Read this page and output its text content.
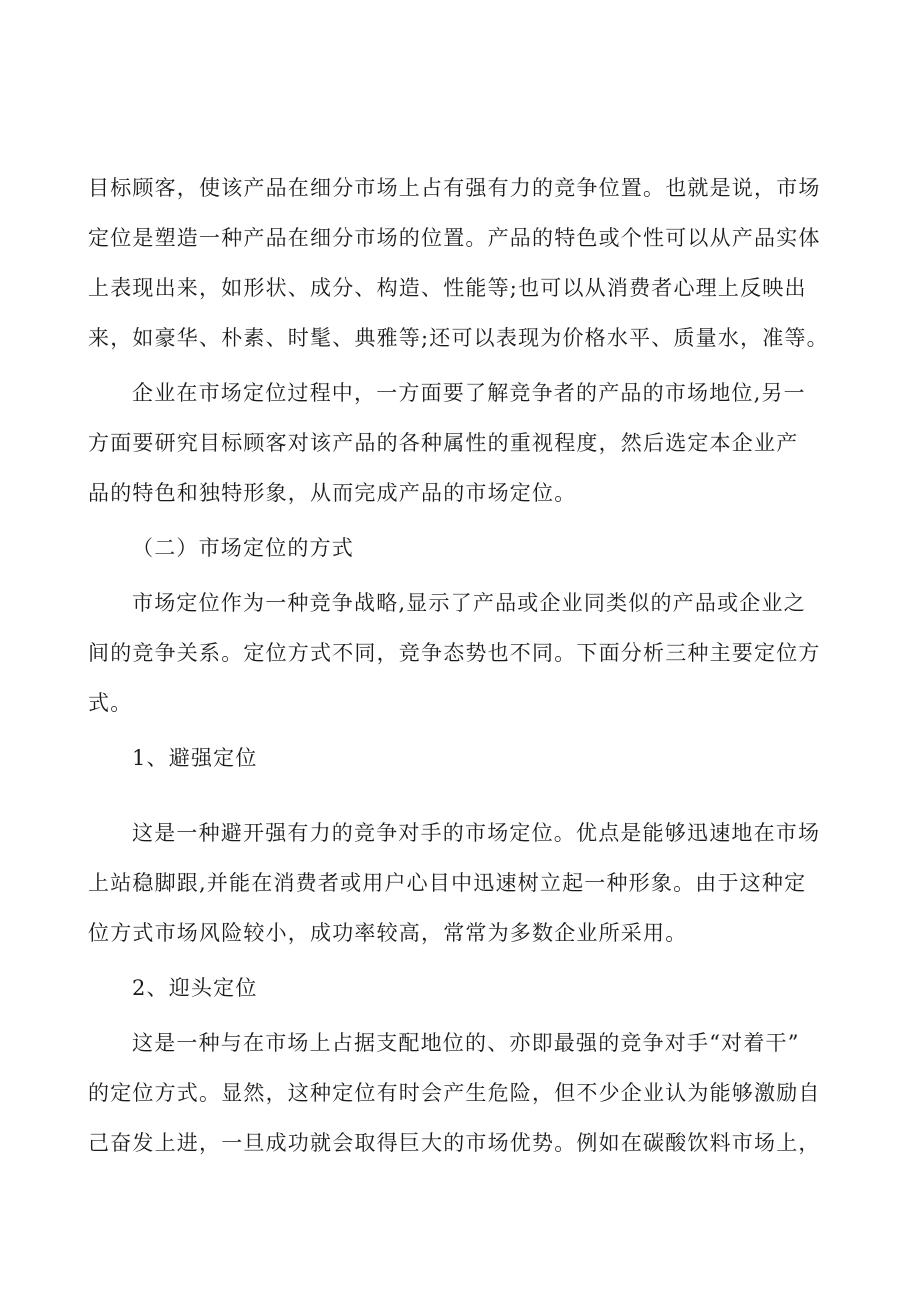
目标顾客，使该产品在细分市场上占有强有力的竞争位置。也就是说，市场
定位是塑造一种产品在细分市场的位置。产品的特色或个性可以从产品实体
上表现出来，如形状、成分、构造、性能等;也可以从消费者心理上反映出
来，如豪华、朴素、时髦、典雅等;还可以表现为价格水平、质量水，准等。
企业在市场定位过程中，一方面要了解竞争者的产品的市场地位,另一
方面要研究目标顾客对该产品的各种属性的重视程度，然后选定本企业产
品的特色和独特形象，从而完成产品的市场定位。
（二）市场定位的方式
市场定位作为一种竞争战略,显示了产品或企业同类似的产品或企业之
间的竞争关系。定位方式不同，竞争态势也不同。下面分析三种主要定位方
式。
1、避强定位
这是一种避开强有力的竞争对手的市场定位。优点是能够迅速地在市场
上站稳脚跟,并能在消费者或用户心目中迅速树立起一种形象。由于这种定
位方式市场风险较小，成功率较高，常常为多数企业所采用。
2、迎头定位
这是一种与在市场上占据支配地位的、亦即最强的竞争对手“对着干”
的定位方式。显然，这种定位有时会产生危险，但不少企业认为能够激励自
己奋发上进，一旦成功就会取得巨大的市场优势。例如在碳酸饮料市场上，
